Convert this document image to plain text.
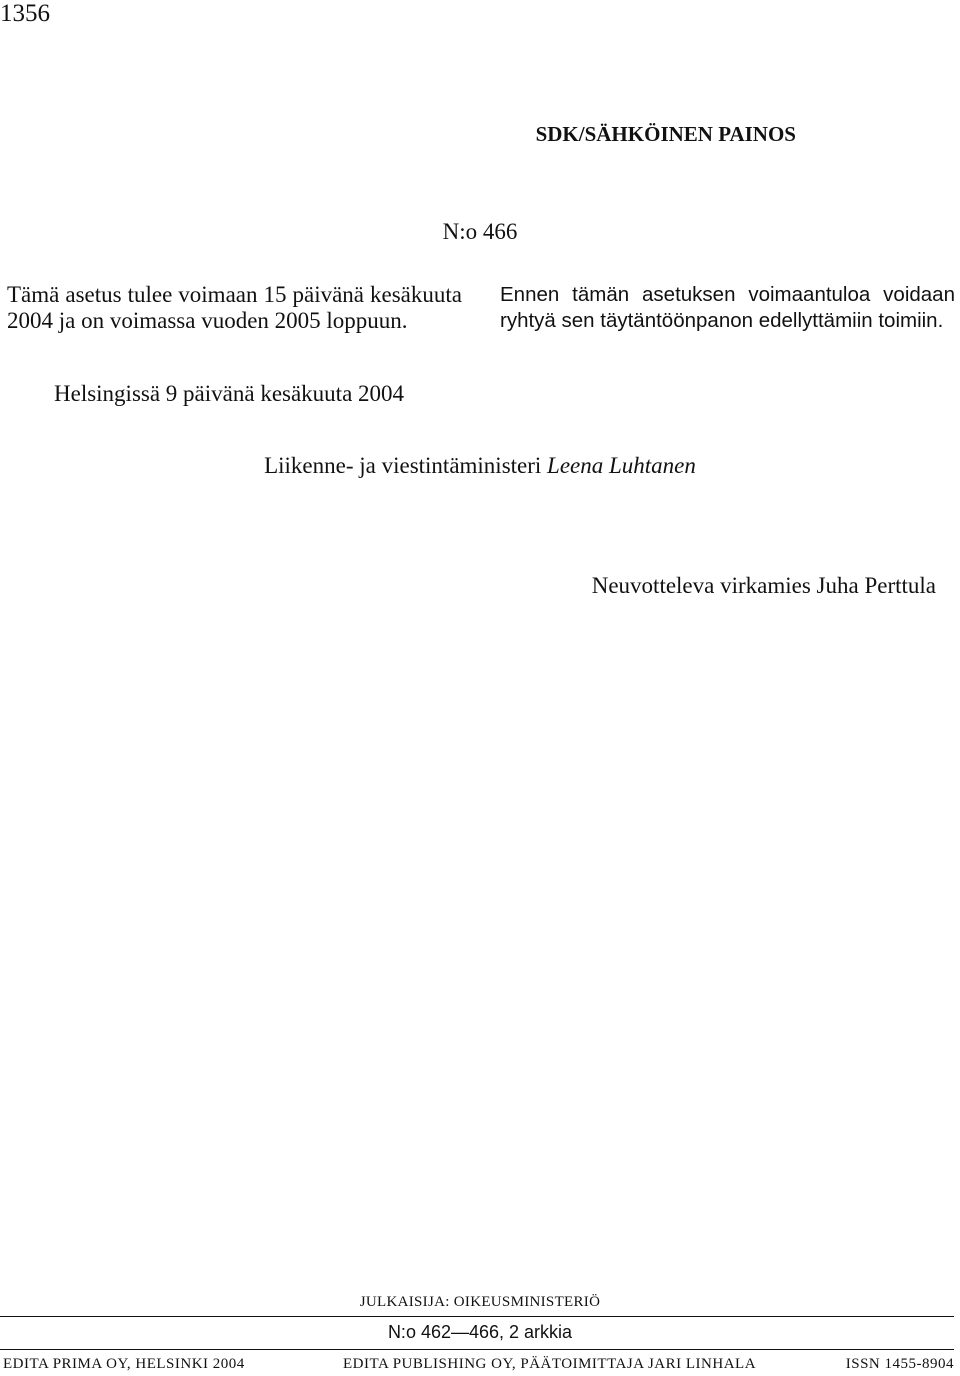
1356
SDK/SÄHKÖINEN PAINOS
N:o 466

Tämä asetus tulee voimaan 15 päivänä kesäkuuta 2004 ja on voimassa vuoden 2005 loppuun.

Ennen tämän asetuksen voimaantuloa voidaan ryhtyä sen täytäntöönpanon edellyttämiin toimiin.

Helsingissä 9 päivänä kesäkuuta 2004
Liikenne- ja viestintäministeri Leena Luhtanen
Neuvotteleva virkamies Juha Perttula
JULKAISIJA: OIKEUSMINISTERIÖ
N:o 462—466, 2 arkkia
EDITA PRIMA OY, HELSINKI 2004	EDITA PUBLISHING OY, PÄÄTOIMITTAJA JARI LINHALA	ISSN 1455-8904
